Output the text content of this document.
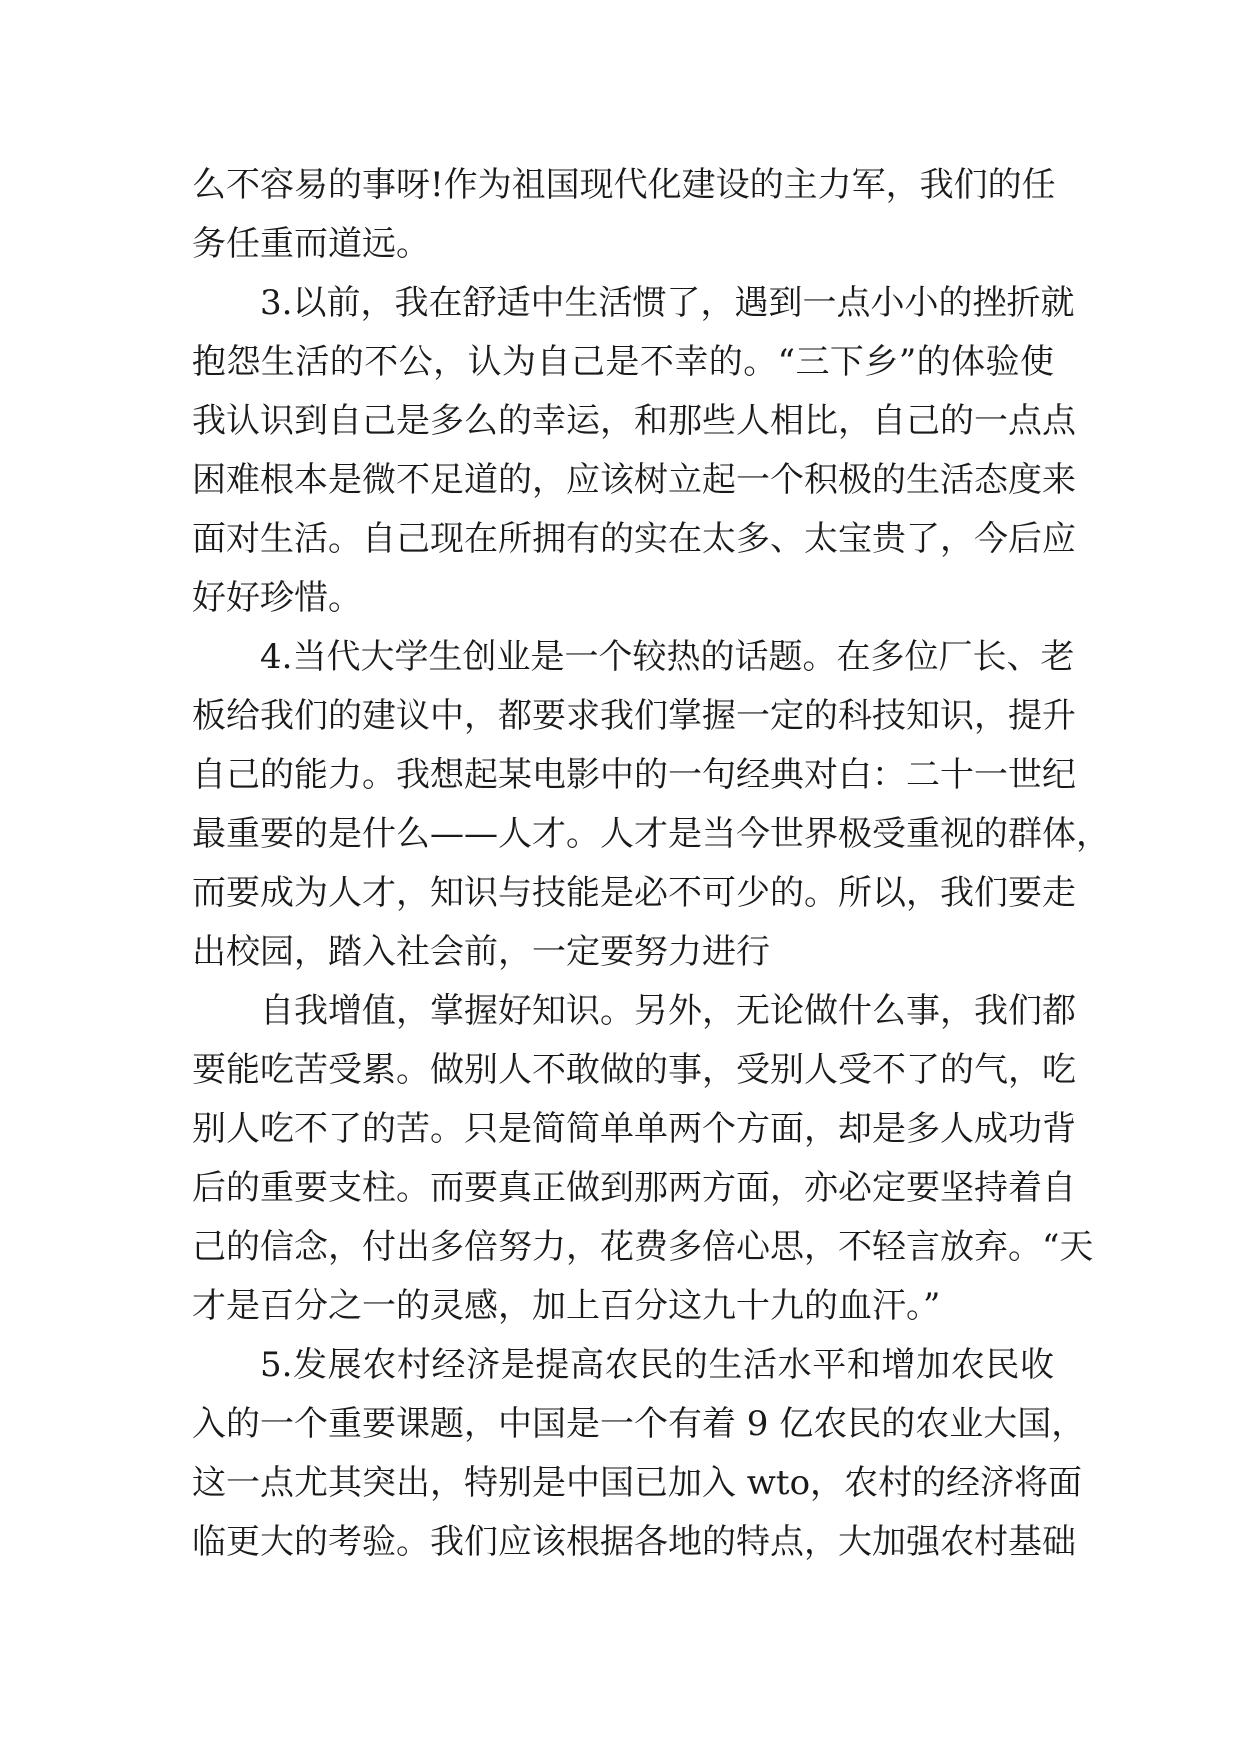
么不容易的事呀!作为祖国现代化建设的主力军，我们的任
务任重而道远。
3.以前，我在舒适中生活惯了，遇到一点小小的挫折就
抱怨生活的不公，认为自己是不幸的。“三下乡”的体验使
我认识到自己是多么的幸运，和那些人相比，自己的一点点
困难根本是微不足道的，应该树立起一个积极的生活态度来
面对生活。自己现在所拥有的实在太多、太宝贵了，今后应
好好珍惜。
4.当代大学生创业是一个较热的话题。在多位厂长、老
板给我们的建议中，都要求我们掌握一定的科技知识，提升
自己的能力。我想起某电影中的一句经典对白：二十一世纪
最重要的是什么——人才。人才是当今世界极受重视的群体，
而要成为人才，知识与技能是必不可少的。所以，我们要走
出校园，踏入社会前，一定要努力进行
自我增值，掌握好知识。另外，无论做什么事，我们都
要能吃苦受累。做别人不敢做的事，受别人受不了的气，吃
别人吃不了的苦。只是简简单单两个方面，却是多人成功背
后的重要支柱。而要真正做到那两方面，亦必定要坚持着自
己的信念，付出多倍努力，花费多倍心思，不轻言放弃。“天
才是百分之一的灵感，加上百分这九十九的血汗。”
5.发展农村经济是提高农民的生活水平和增加农民收
入的一个重要课题，中国是一个有着 9 亿农民的农业大国，
这一点尤其突出，特别是中国已加入 wto，农村的经济将面
临更大的考验。我们应该根据各地的特点，大加强农村基础
